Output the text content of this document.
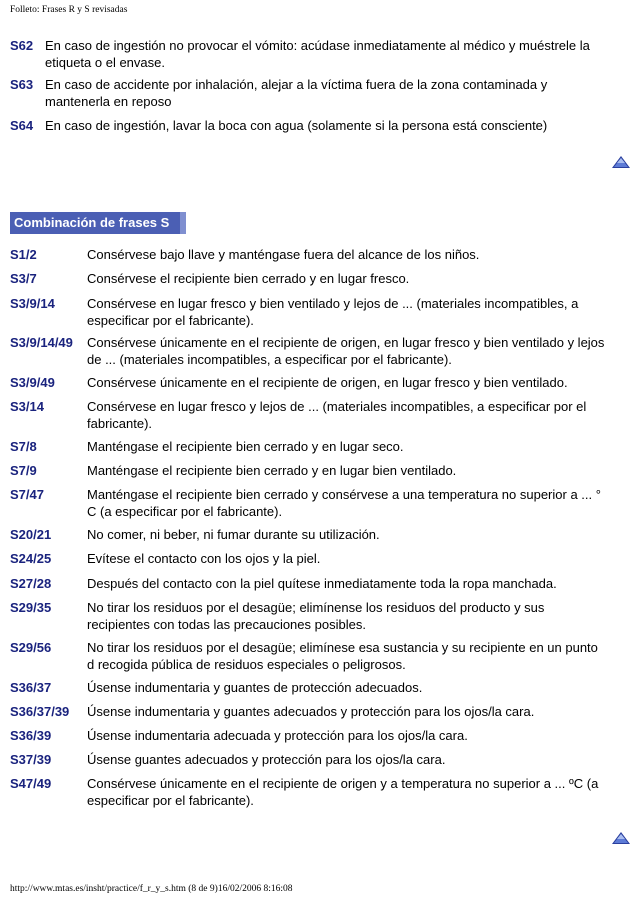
Folleto: Frases R y S revisadas
S62 En caso de ingestión no provocar el vómito: acúdase inmediatamente al médico y muéstrele la
etiqueta o el envase.
S63 En caso de accidente por inhalación, alejar a la víctima fuera de la zona contaminada y
mantenerla en reposo
S64 En caso de ingestión, lavar la boca con agua (solamente si la persona está consciente)
Combinación de frases S
S1/2	Consérvese bajo llave y manténgase fuera del alcance de los niños.
S3/7	Consérvese el recipiente bien cerrado y en lugar fresco.
S3/9/14 Consérvese en lugar fresco y bien ventilado y lejos de ... (materiales incompatibles, a
especificar por el fabricante).
S3/9/14/49 Consérvese únicamente en el recipiente de origen, en lugar fresco y bien ventilado y lejos
de ... (materiales incompatibles, a especificar por el fabricante).
S3/9/49 Consérvese únicamente en el recipiente de origen, en lugar fresco y bien ventilado.
S3/14	Consérvese en lugar fresco y lejos de ... (materiales incompatibles, a especificar por el
fabricante).
S7/8	Manténgase el recipiente bien cerrado y en lugar seco.
S7/9	Manténgase el recipiente bien cerrado y en lugar bien ventilado.
S7/47	Manténgase el recipiente bien cerrado y consérvese a una temperatura no superior a ... °
C (a especificar por el fabricante).
S20/21	No comer, ni beber, ni fumar durante su utilización.
S24/25	Evítese el contacto con los ojos y la piel.
S27/28	Después del contacto con la piel quítese inmediatamente toda la ropa manchada.
S29/35	No tirar los residuos por el desagüe; elimínense los residuos del producto y sus
recipientes con todas las precauciones posibles.
S29/56	No tirar los residuos por el desagüe; elimínese esa sustancia y su recipiente en un punto
d recogida pública de residuos especiales o peligrosos.
S36/37	Úsense indumentaria y guantes de protección adecuados.
S36/37/39 Úsense indumentaria y guantes adecuados y protección para los ojos/la cara.
S36/39	Úsense indumentaria adecuada y protección para los ojos/la cara.
S37/39	Úsense guantes adecuados y protección para los ojos/la cara.
S47/49	Consérvese únicamente en el recipiente de origen y a temperatura no superior a ... ºC (a
especificar por el fabricante).
http://www.mtas.es/insht/practice/f_r_y_s.htm (8 de 9)16/02/2006 8:16:08
